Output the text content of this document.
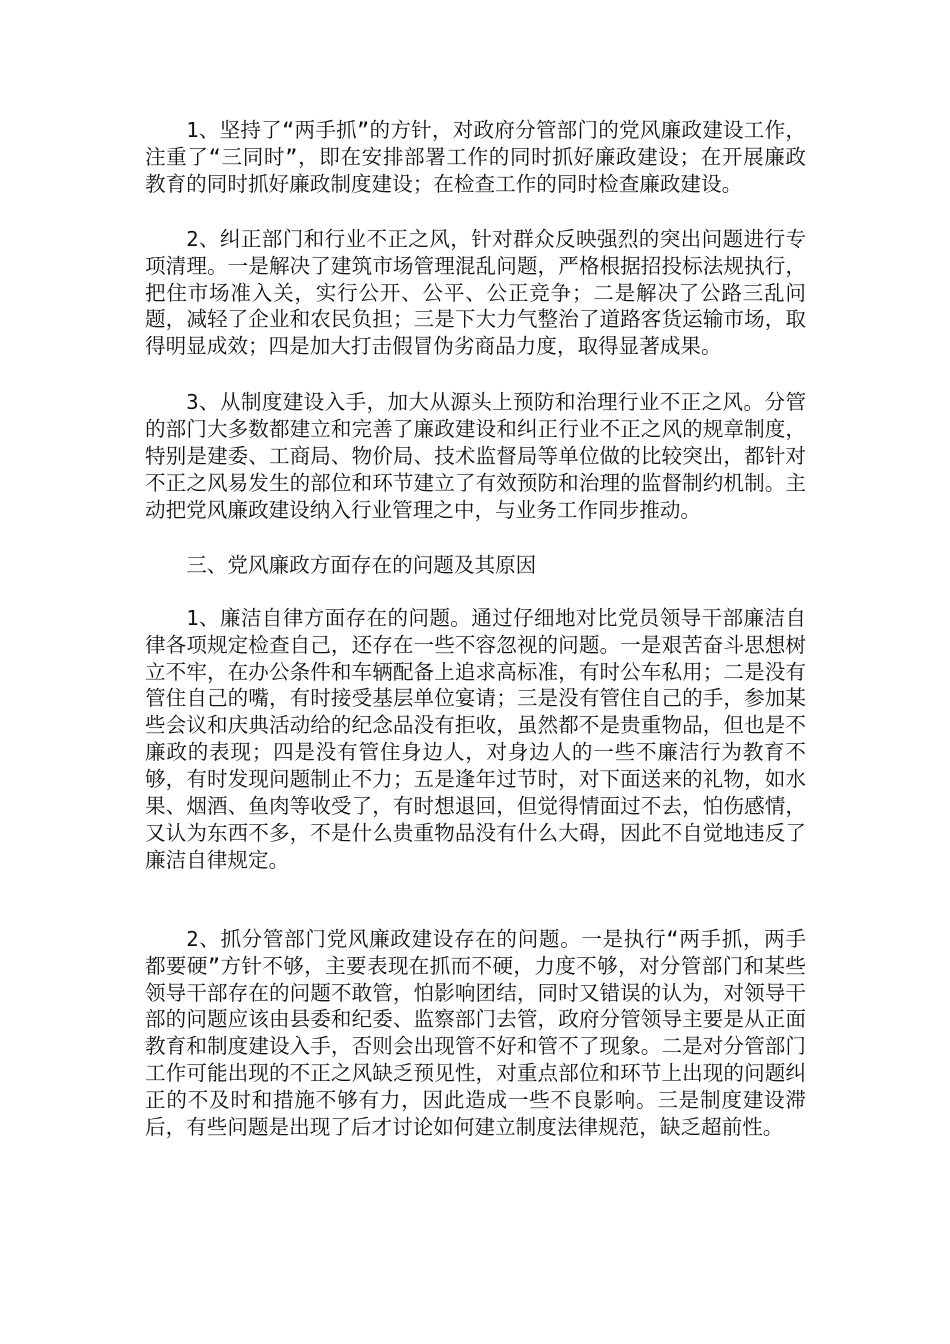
1、坚持了“两手抓”的方针，对政府分管部门的党风廉政建设工作，注重了“三同时”，即在安排部署工作的同时抓好廉政建设；在开展廉政教育的同时抓好廉政制度建设；在检查工作的同时检查廉政建设。

2、纠正部门和行业不正之风，针对群众反映强烈的突出问题进行专项清理。一是解决了建筑市场管理混乱问题，严格根据招投标法规执行，把住市场准入关，实行公开、公平、公正竞争；二是解决了公路三乱问题，减轻了企业和农民负担；三是下大力气整治了道路客货运输市场，取得明显成效；四是加大打击假冒伪劣商品力度，取得显著成果。

3、从制度建设入手，加大从源头上预防和治理行业不正之风。分管的部门大多数都建立和完善了廉政建设和纠正行业不正之风的规章制度，特别是建委、工商局、物价局、技术监督局等单位做的比较突出，都针对不正之风易发生的部位和环节建立了有效预防和治理的监督制约机制。主动把党风廉政建设纳入行业管理之中，与业务工作同步推动。

三、党风廉政方面存在的问题及其原因

1、廉洁自律方面存在的问题。通过仔细地对比党员领导干部廉洁自律各项规定检查自己，还存在一些不容忽视的问题。一是艰苦奋斗思想树立不牢，在办公条件和车辆配备上追求高标准，有时公车私用；二是没有管住自己的嘴，有时接受基层单位宴请；三是没有管住自己的手，参加某些会议和庆典活动给的纪念品没有拒收，虽然都不是贵重物品，但也是不廉政的表现；四是没有管住身边人，对身边人的一些不廉洁行为教育不够，有时发现问题制止不力；五是逢年过节时，对下面送来的礼物，如水果、烟酒、鱼肉等收受了，有时想退回，但觉得情面过不去，怕伤感情，又认为东西不多，不是什么贵重物品没有什么大碍，因此不自觉地违反了廉洁自律规定。

2、抓分管部门党风廉政建设存在的问题。一是执行“两手抓，两手都要硬”方针不够，主要表现在抓而不硬，力度不够，对分管部门和某些领导干部存在的问题不敢管，怕影响团结，同时又错误的认为，对领导干部的问题应该由县委和纪委、监察部门去管，政府分管领导主要是从正面教育和制度建设入手，否则会出现管不好和管不了现象。二是对分管部门工作可能出现的不正之风缺乏预见性，对重点部位和环节上出现的问题纠正的不及时和措施不够有力，因此造成一些不良影响。三是制度建设滞后，有些问题是出现了后才讨论如何建立制度法律规范，缺乏超前性。
